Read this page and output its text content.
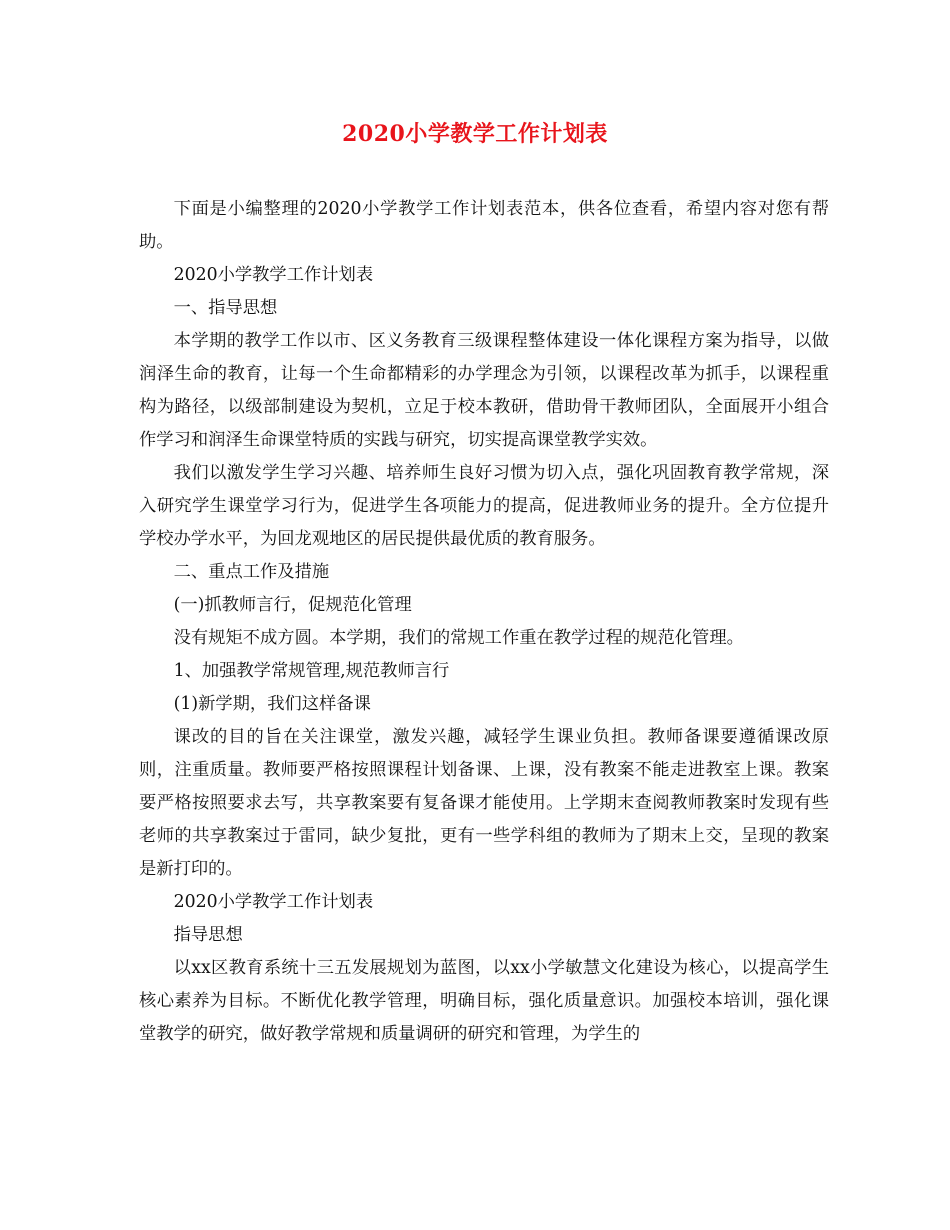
2020小学教学工作计划表

下面是小编整理的2020小学教学工作计划表范本，供各位查看，希望内容对您有帮助。

2020小学教学工作计划表

一、指导思想

本学期的教学工作以市、区义务教育三级课程整体建设一体化课程方案为指导，以做润泽生命的教育，让每一个生命都精彩的办学理念为引领，以课程改革为抓手，以课程重构为路径，以级部制建设为契机，立足于校本教研，借助骨干教师团队，全面展开小组合作学习和润泽生命课堂特质的实践与研究，切实提高课堂教学实效。

我们以激发学生学习兴趣、培养师生良好习惯为切入点，强化巩固教育教学常规，深入研究学生课堂学习行为，促进学生各项能力的提高，促进教师业务的提升。全方位提升学校办学水平，为回龙观地区的居民提供最优质的教育服务。

二、重点工作及措施

(一)抓教师言行，促规范化管理

没有规矩不成方圆。本学期，我们的常规工作重在教学过程的规范化管理。

1、加强教学常规管理,规范教师言行

(1)新学期，我们这样备课

课改的目的旨在关注课堂，激发兴趣，减轻学生课业负担。教师备课要遵循课改原则，注重质量。教师要严格按照课程计划备课、上课，没有教案不能走进教室上课。教案要严格按照要求去写，共享教案要有复备课才能使用。上学期末查阅教师教案时发现有些老师的共享教案过于雷同，缺少复批，更有一些学科组的教师为了期末上交，呈现的教案是新打印的。

2020小学教学工作计划表

指导思想

以xx区教育系统十三五发展规划为蓝图，以xx小学敏慧文化建设为核心，以提高学生核心素养为目标。不断优化教学管理，明确目标，强化质量意识。加强校本培训，强化课堂教学的研究，做好教学常规和质量调研的研究和管理，为学生的
